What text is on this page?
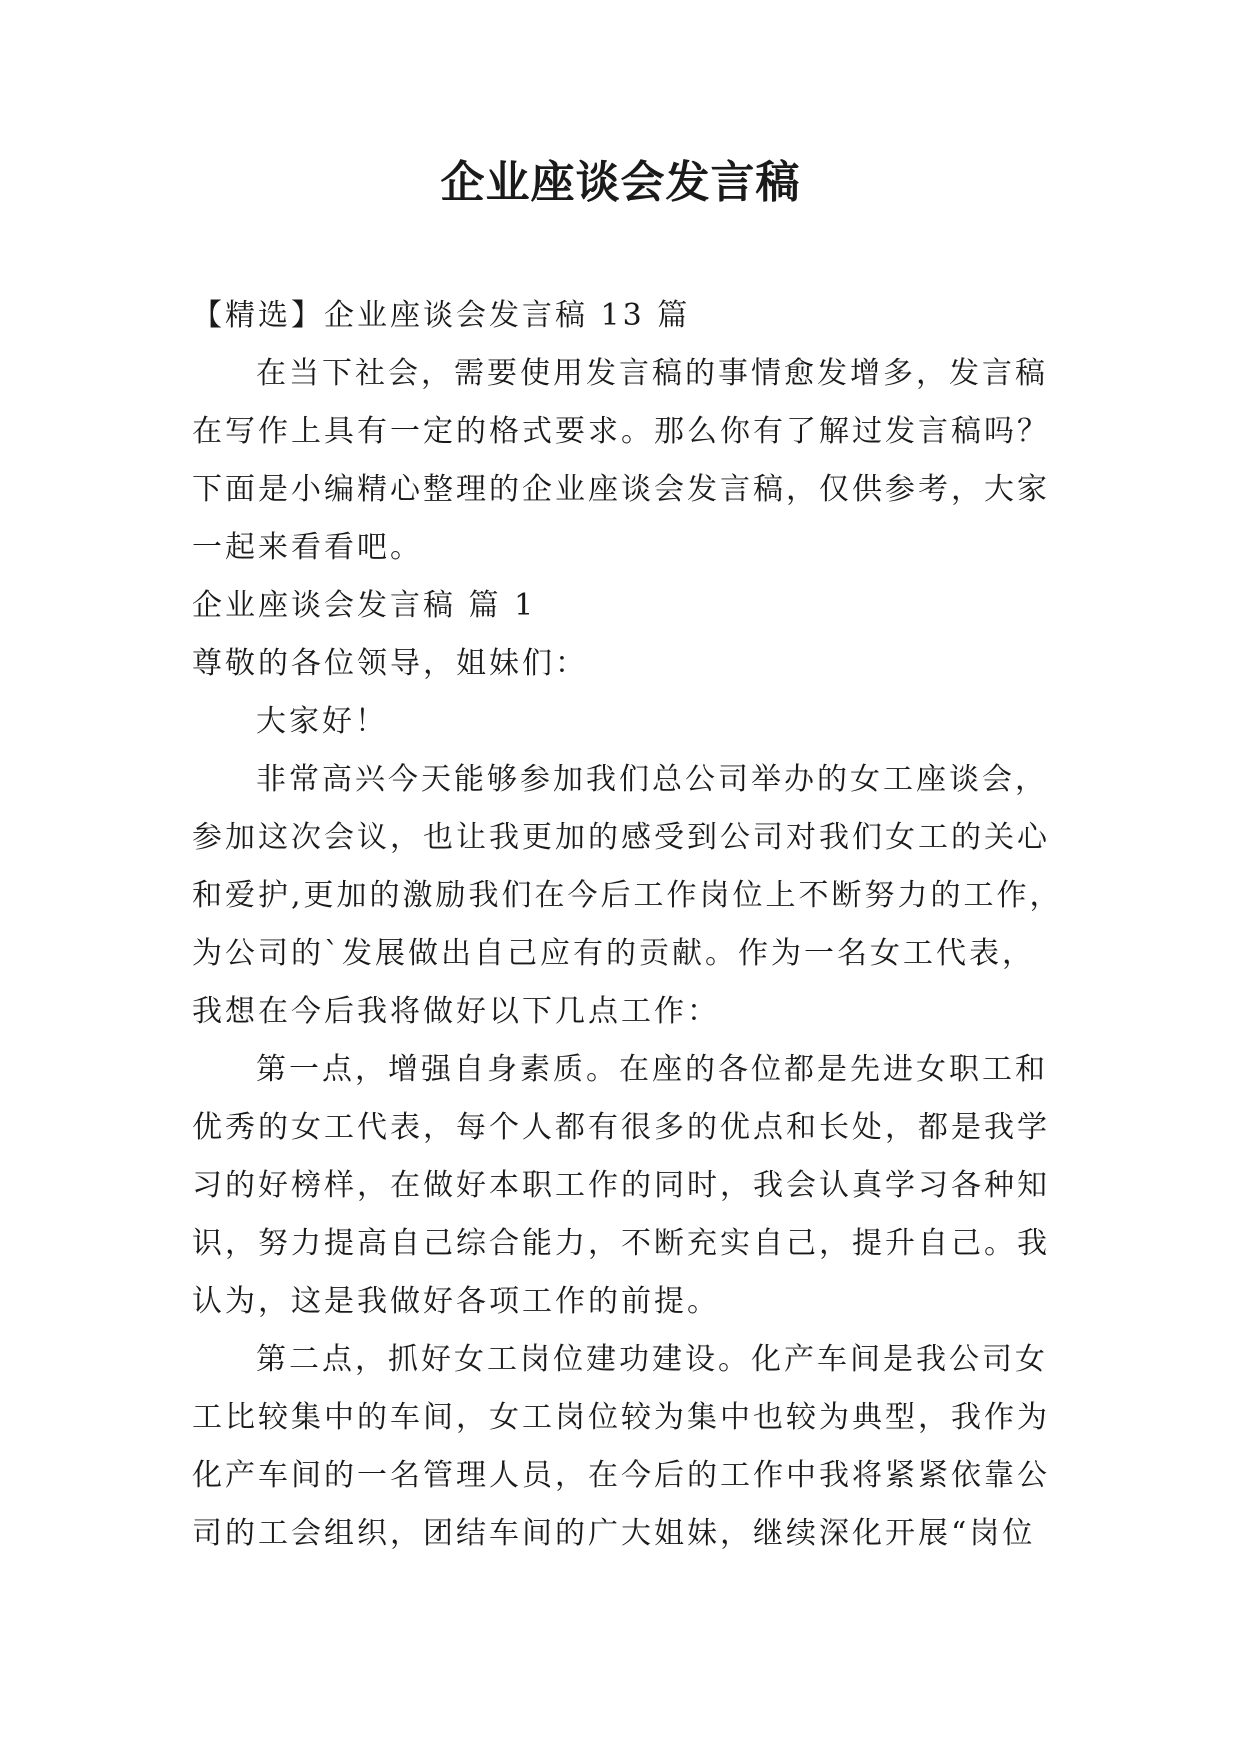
企业座谈会发言稿

【精选】企业座谈会发言稿 13 篇

在当下社会，需要使用发言稿的事情愈发增多，发言稿

在写作上具有一定的格式要求。那么你有了解过发言稿吗？

下面是小编精心整理的企业座谈会发言稿，仅供参考，大家

一起来看看吧。

企业座谈会发言稿 篇 1

尊敬的各位领导，姐妹们：

大家好！

非常高兴今天能够参加我们总公司举办的女工座谈会，

参加这次会议，也让我更加的感受到公司对我们女工的关心

和爱护,更加的激励我们在今后工作岗位上不断努力的工作，

为公司的`发展做出自己应有的贡献。作为一名女工代表，

我想在今后我将做好以下几点工作：

第一点，增强自身素质。在座的各位都是先进女职工和

优秀的女工代表，每个人都有很多的优点和长处，都是我学

习的好榜样，在做好本职工作的同时，我会认真学习各种知

识，努力提高自己综合能力，不断充实自己，提升自己。我

认为，这是我做好各项工作的前提。

第二点，抓好女工岗位建功建设。化产车间是我公司女

工比较集中的车间，女工岗位较为集中也较为典型，我作为

化产车间的一名管理人员，在今后的工作中我将紧紧依靠公

司的工会组织，团结车间的广大姐妹，继续深化开展“岗位
